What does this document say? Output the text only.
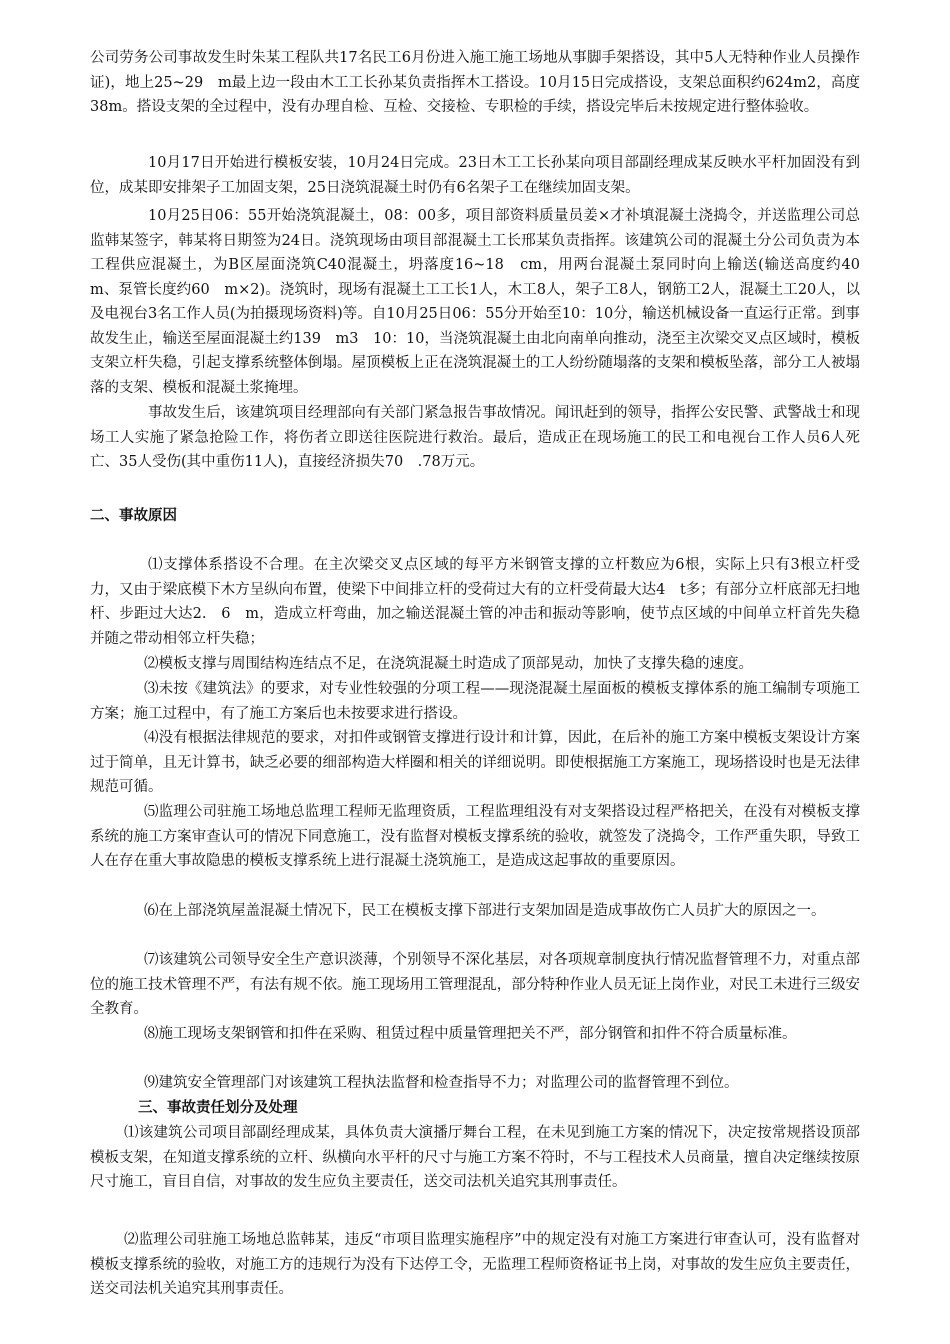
公司劳务公司事故发生时朱某工程队共17名民工6月份进入施工施工场地从事脚手架搭设，其中5人无特种作业人员操作证)，地上25~29　m最上边一段由木工工长孙某负责指挥木工搭设。10月15日完成搭设，支架总面积约624m2，高度38m。搭设支架的全过程中，没有办理自检、互检、交接检、专职检的手续，搭设完毕后未按规定进行整体验收。

10月17日开始进行模板安装，10月24日完成。23日木工工长孙某向项目部副经理成某反映水平杆加固没有到位，成某即安排架子工加固支架，25日浇筑混凝土时仍有6名架子工在继续加固支架。

10月25日06：55开始浇筑混凝土，08：00多，项目部资料质量员姜×才补填混凝土浇捣令，并送监理公司总监韩某签字，韩某将日期签为24日。浇筑现场由项目部混凝土工长邢某负责指挥。该建筑公司的混凝土分公司负责为本工程供应混凝土，为B区屋面浇筑C40混凝土，坍落度16~18　cm，用两台混凝土泵同时向上输送(输送高度约40　m、泵管长度约60　m×2)。浇筑时，现场有混凝土工工长1人，木工8人，架子工8人，钢筋工2人，混凝土工20人，以及电视台3名工作人员(为拍摄现场资料)等。自10月25日06：55分开始至10：10分，输送机械设备一直运行正常。到事故发生止，输送至屋面混凝土约139　m3　10：10，当浇筑混凝土由北向南单向推动，浇至主次梁交叉点区域时，模板支架立杆失稳，引起支撑系统整体倒塌。屋顶模板上正在浇筑混凝土的工人纷纷随塌落的支架和模板坠落，部分工人被塌落的支架、模板和混凝土浆掩埋。

事故发生后，该建筑项目经理部向有关部门紧急报告事故情况。闻讯赶到的领导，指挥公安民警、武警战士和现场工人实施了紧急抢险工作，将伤者立即送往医院进行救治。最后，造成正在现场施工的民工和电视台工作人员6人死亡、35人受伤(其中重伤11人)，直接经济损失70　.78万元。

二、事故原因

⑴支撑体系搭设不合理。在主次梁交叉点区域的每平方米钢管支撑的立杆数应为6根，实际上只有3根立杆受力，又由于梁底模下木方呈纵向布置，使梁下中间排立杆的受荷过大有的立杆受荷最大达4　t多；有部分立杆底部无扫地杆、步距过大达2.　6　m，造成立杆弯曲，加之输送混凝土管的冲击和振动等影响，使节点区域的中间单立杆首先失稳并随之带动相邻立杆失稳；

⑵模板支撑与周围结构连结点不足，在浇筑混凝土时造成了顶部晃动，加快了支撑失稳的速度。

⑶未按《建筑法》的要求，对专业性较强的分项工程——现浇混凝土屋面板的模板支撑体系的施工编制专项施工方案；施工过程中，有了施工方案后也未按要求进行搭设。

⑷没有根据法律规范的要求，对扣件或钢管支撑进行设计和计算，因此，在后补的施工方案中模板支架设计方案过于简单，且无计算书，缺乏必要的细部构造大样圈和相关的详细说明。即使根据施工方案施工，现场搭设时也是无法律规范可循。

⑸监理公司驻施工场地总监理工程师无监理资质，工程监理组没有对支架搭设过程严格把关，在没有对模板支撑系统的施工方案审查认可的情况下同意施工，没有监督对模板支撑系统的验收，就签发了浇捣令，工作严重失职，导致工人在存在重大事故隐患的模板支撑系统上进行混凝土浇筑施工，是造成这起事故的重要原因。

⑹在上部浇筑屋盖混凝土情况下，民工在模板支撑下部进行支架加固是造成事故伤亡人员扩大的原因之一。

⑺该建筑公司领导安全生产意识淡薄，个别领导不深化基层，对各项规章制度执行情况监督管理不力，对重点部位的施工技术管理不严，有法有规不依。施工现场用工管理混乱，部分特种作业人员无证上岗作业，对民工未进行三级安全教育。

⑻施工现场支架钢管和扣件在采购、租赁过程中质量管理把关不严，部分钢管和扣件不符合质量标准。

⑼建筑安全管理部门对该建筑工程执法监督和检查指导不力；对监理公司的监督管理不到位。

三、事故责任划分及处理

⑴该建筑公司项目部副经理成某，具体负责大演播厅舞台工程，在未见到施工方案的情况下，决定按常规搭设顶部模板支架，在知道支撑系统的立杆、纵横向水平杆的尺寸与施工方案不符时，不与工程技术人员商量，擅自决定继续按原尺寸施工，盲目自信，对事故的发生应负主要责任，送交司法机关追究其刑事责任。

⑵监理公司驻施工场地总监韩某，违反“市项目监理实施程序”中的规定没有对施工方案进行审查认可，没有监督对模板支撑系统的验收，对施工方的违规行为没有下达停工令，无监理工程师资格证书上岗，对事故的发生应负主要责任，送交司法机关追究其刑事责任。
